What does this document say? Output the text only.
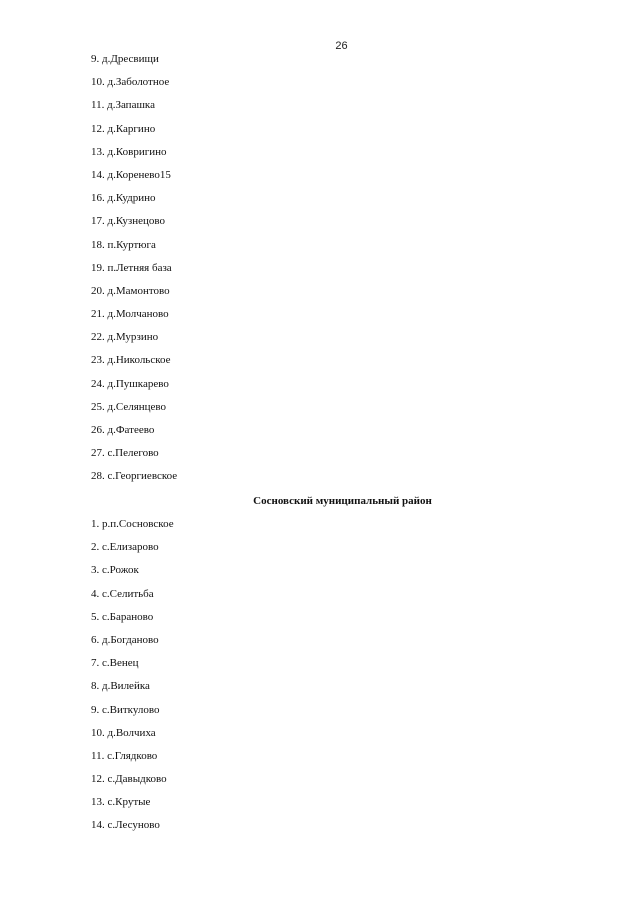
26
9. д.Дресвищи
10. д.Заболотное
11. д.Запашка
12. д.Каргино
13. д.Ковригино
14. д.Коренево15
16. д.Кудрино
17. д.Кузнецово
18. п.Куртюга
19. п.Летняя база
20. д.Мамонтово
21. д.Молчаново
22. д.Мурзино
23. д.Никольское
24. д.Пушкарево
25. д.Селянцево
26. д.Фатеево
27. с.Пелегово
28. с.Георгиевское
Сосновский муниципальный район
1. р.п.Сосновское
2. с.Елизарово
3. с.Рожок
4. с.Селитьба
5. с.Бараново
6. д.Богданово
7. с.Венец
8. д.Вилейка
9. с.Виткулово
10. д.Волчиха
11. с.Глядково
12. с.Давыдково
13. с.Крутые
14. с.Лесуново
